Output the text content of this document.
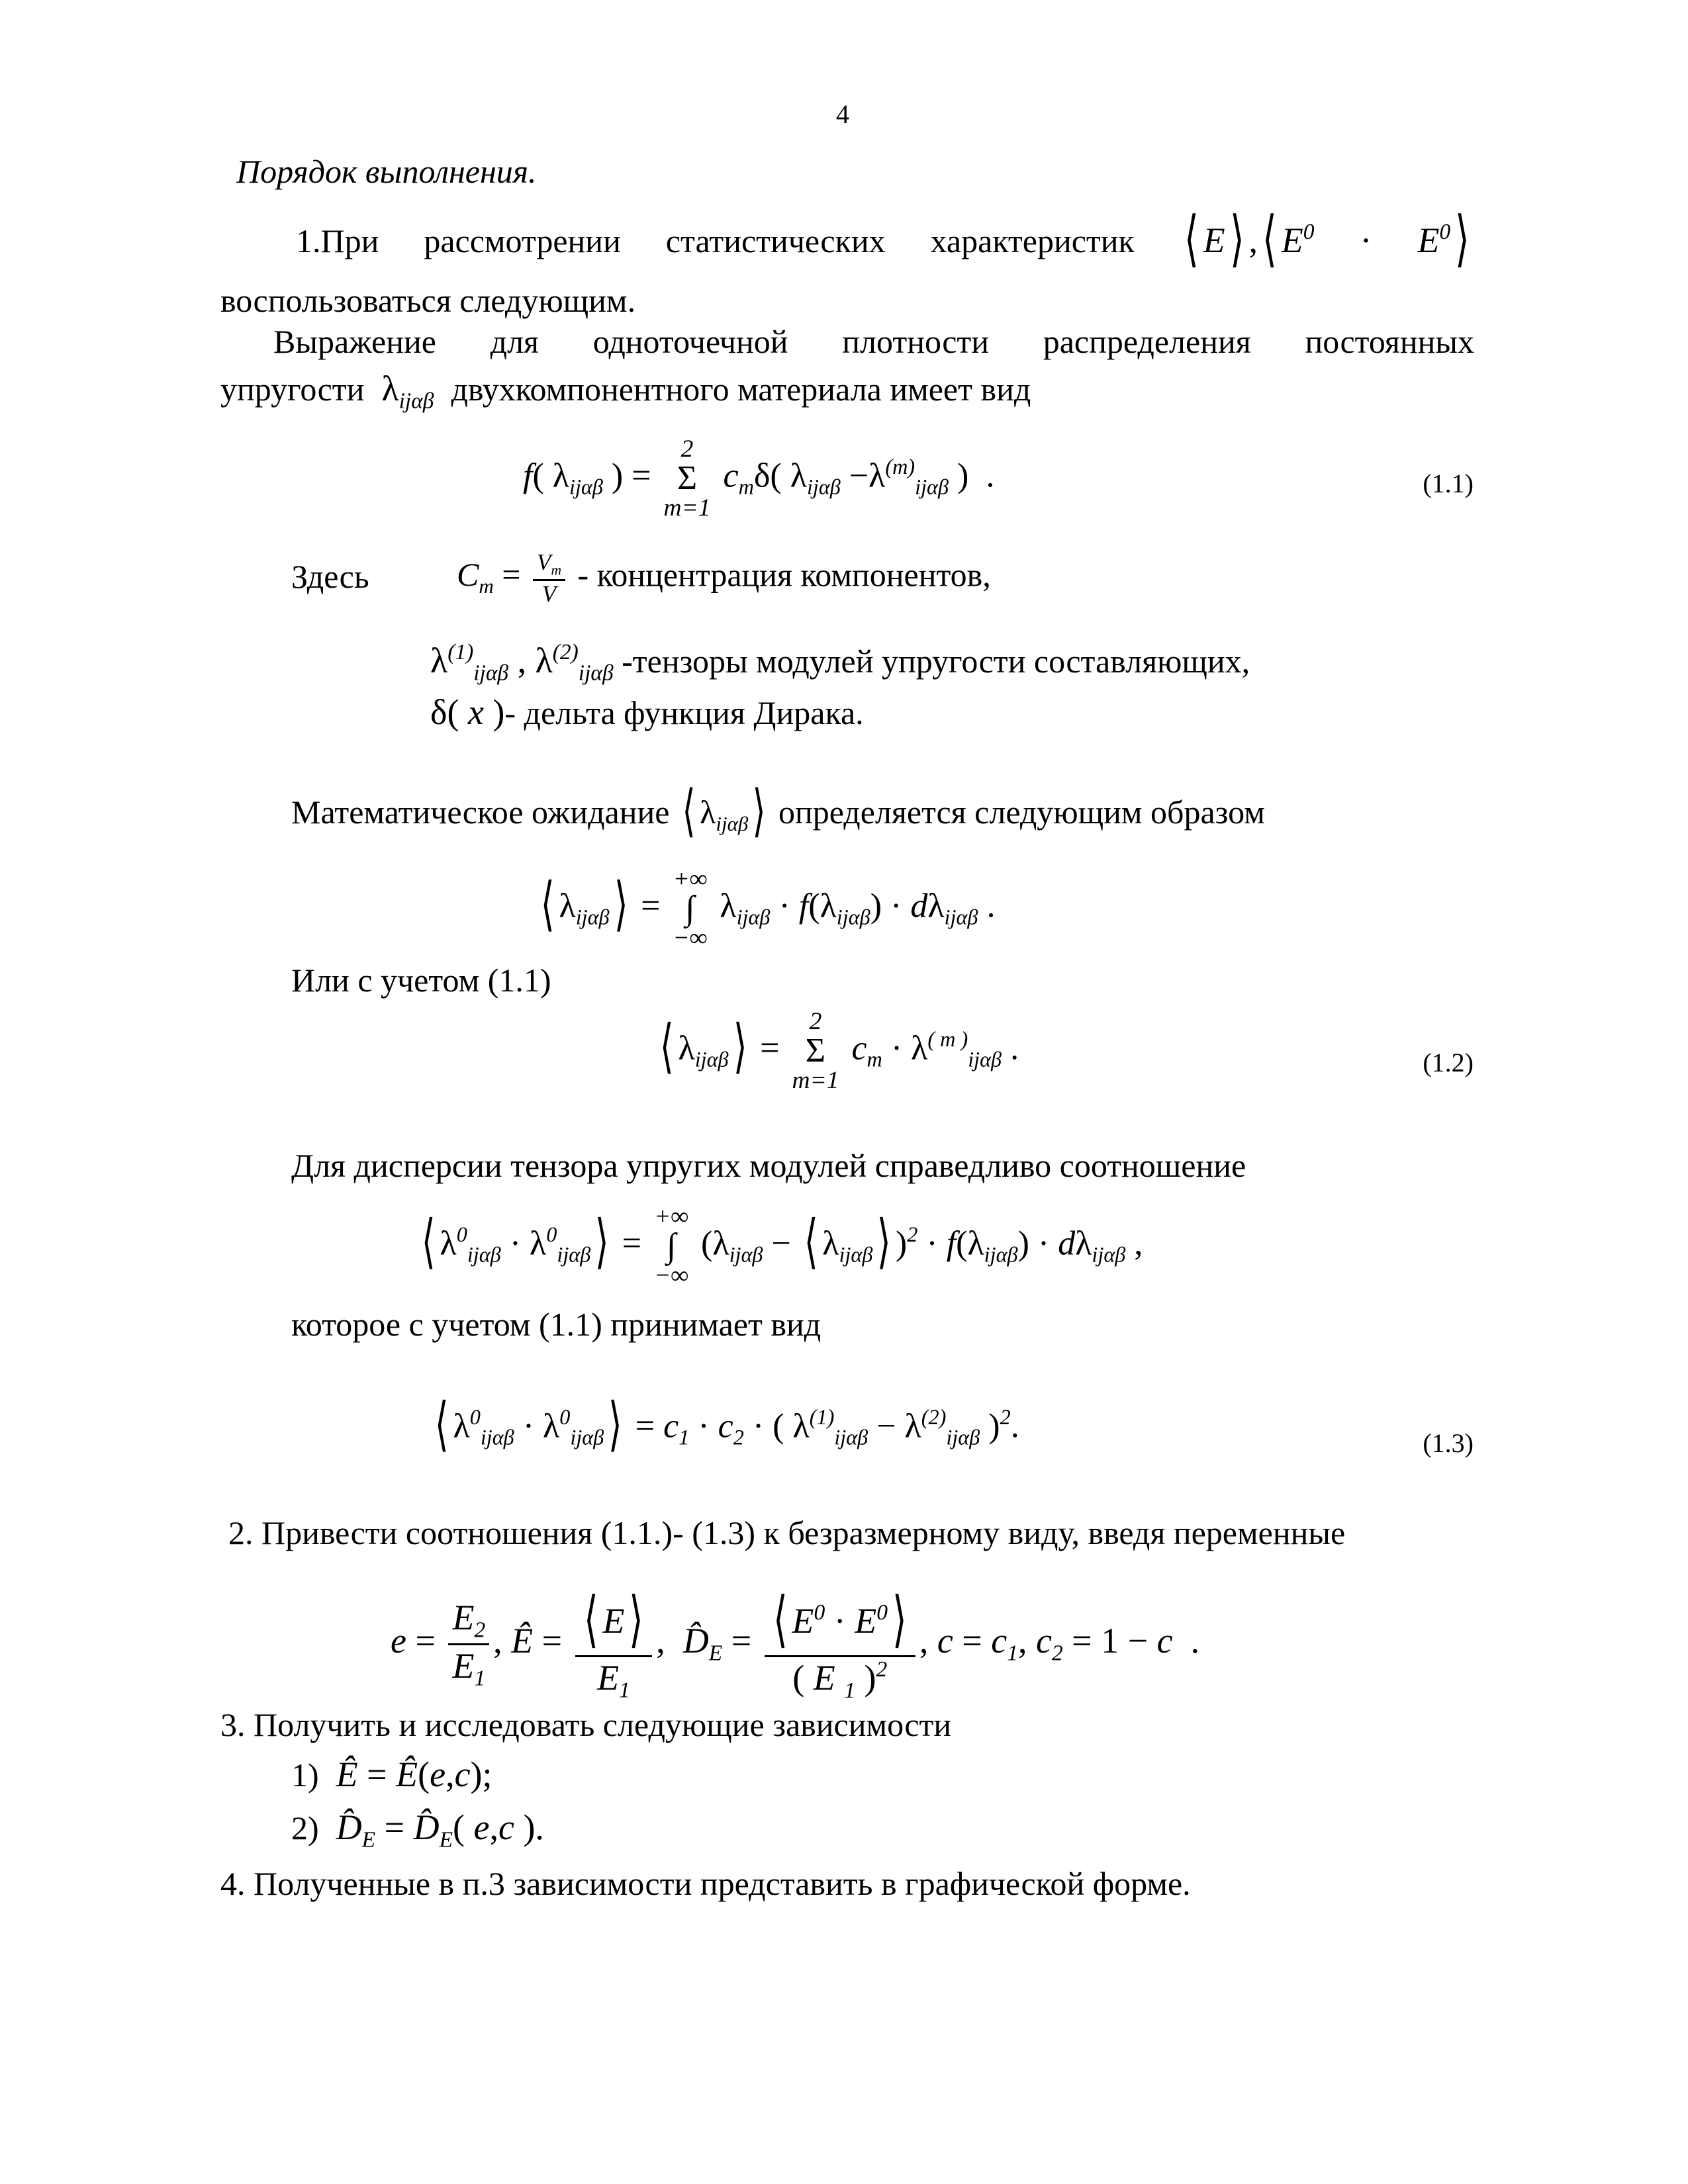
4
Порядок выполнения.
1.При рассмотрении статистических характеристик ⟨ E⟩ ,⟨ $E^0$ · $E^0⟩$
воспользоваться следующим.
Выражение для одноточечной плотности распределения постоянных
упругости  $\lambda_{ij\alpha\beta}$ двухкомпонентного материала имеет вид
f( $\lambda_{ij\alpha\beta}$ ) =
2
Σ
m=1
$c_m\delta$( $\lambda_{ij\alpha\beta} -\lambda^{(m)}_{ij\alpha\beta}$ )  .	(1.1)
Здесь	$C_m = \frac{V_m}{V}$ - концентрация компонентов,
$\lambda^{(1)}_{ij\alpha\beta}$ , $\lambda^{(2)}_{ij\alpha\beta}$ -тензоры модулей упругости составляющих,
δ( x )- дельта функция Дирака.
Математическое ожидание ⟨ $\lambda_{ij\alpha\beta}⟩$ определяется следующим образом
⟨ $\lambda_{ij\alpha\beta}⟩$ =
+∞
∫
−∞
$\lambda_{ij\alpha\beta} \cdot f(\lambda_{ij\alpha\beta}) \cdot d\lambda_{ij\alpha\beta}$ .
Или с учетом (1.1)
⟨ $\lambda_{ij\alpha\beta}⟩$ =
2
Σ
m=1
$c_m \cdot \lambda^{( m )}_{ij\alpha\beta}$ .	(1.2)
Для дисперсии тензора упругих модулей справедливо соотношение
⟨ $\lambda^0_{ij\alpha\beta}$ · $\lambda^0_{ij\alpha\beta}⟩$ =
+∞
∫
−∞
($\lambda_{ij\alpha\beta}$ − ⟨ $\lambda_{ij\alpha\beta}⟩$ )$^2 \cdot f(\lambda_{ij\alpha\beta}) \cdot d\lambda_{ij\alpha\beta}$ ,
которое с учетом (1.1) принимает вид
⟨ $\lambda^0_{ij\alpha\beta}$ · $\lambda^0_{ij\alpha\beta}⟩ = c_1 \cdot c_2$ · ( $\lambda^{(1)}_{ij\alpha\beta} - \lambda^{(2)}_{ij\alpha\beta}$ )$^2$.	(1.3)
2. Привести соотношения (1.1.)- (1.3) к безразмерному виду, введя переменные
$e = \frac{E_2}{E_1}$ , Ê = $\frac{⟨ E⟩}{E_1}$ ,  $D̂_E = \frac{⟨ E^0 \cdot E^0⟩}{( E _1 )^2}$ , $c = c_1$, $c_2 = 1 - c$  .
3. Получить и исследовать следующие зависимости
1) Ê = Ê(e,c);
2) $D̂_E$ = $D̂_E$( e,c ).
4. Полученные в п.3 зависимости представить в графической форме.
